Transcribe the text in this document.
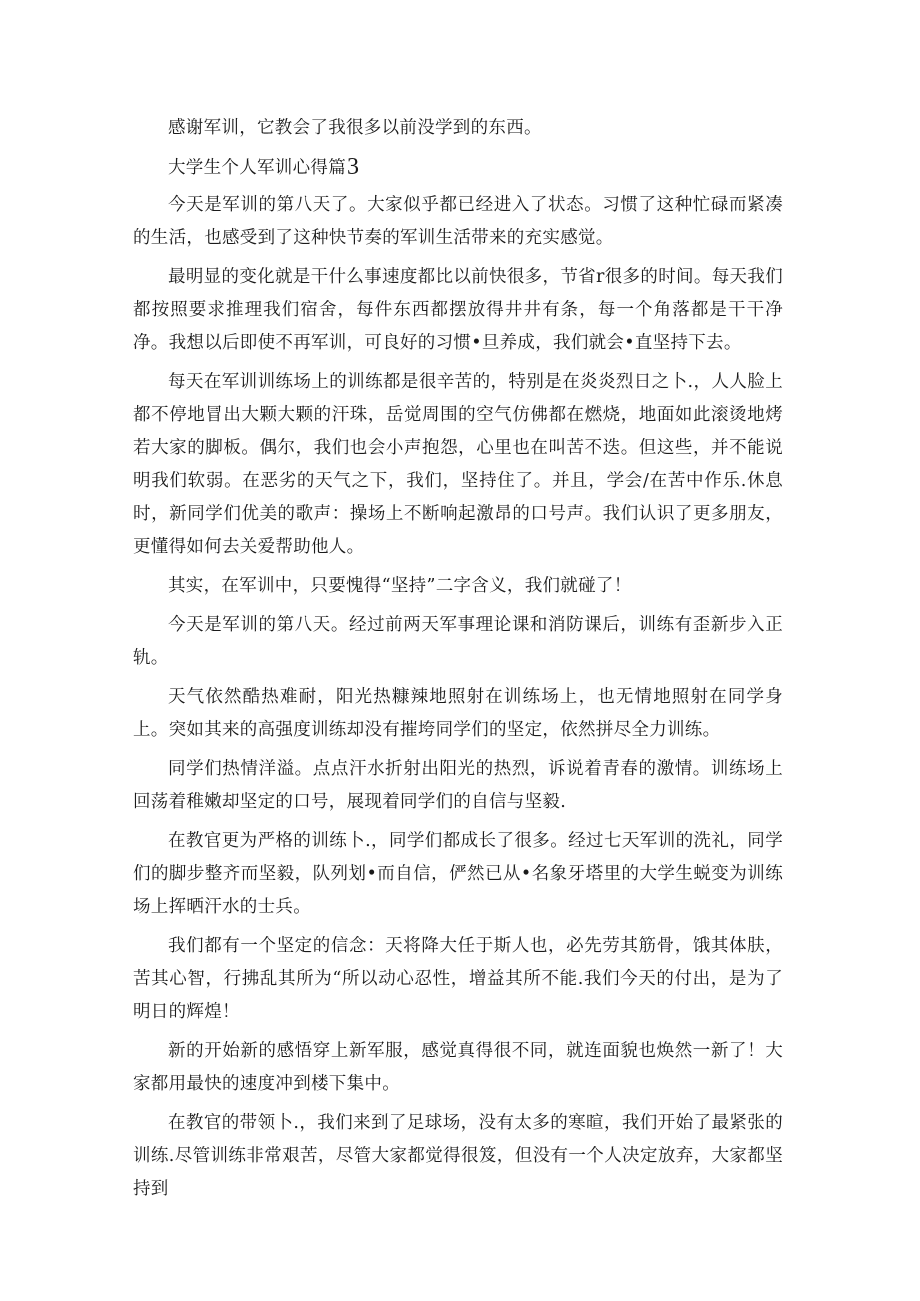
感谢军训，它教会了我很多以前没学到的东西。

大学生个人军训心得篇3

今天是军训的第八天了。大家似乎都已经进入了状态。习惯了这种忙碌而紧凑的生活，也感受到了这种快节奏的军训生活带来的充实感觉。

最明显的变化就是干什么事速度都比以前快很多，节省r很多的时间。每天我们都按照要求推理我们宿舍，每件东西都摆放得井井有条，每一个角落都是干干净净。我想以后即使不再军训，可良好的习惯•旦养成，我们就会•直坚持下去。

每天在军训训练场上的训练都是很辛苦的，特别是在炎炎烈日之卜.，人人脸上都不停地冒出大颗大颗的汗珠，岳觉周围的空气仿佛都在燃烧，地面如此滚烫地烤若大家的脚板。偶尔，我们也会小声抱怨，心里也在叫苦不迭。但这些，并不能说明我们软弱。在恶劣的天气之下，我们，坚持住了。并且，学会/在苦中作乐.休息时，新同学们优美的歌声：操场上不断响起激昂的口号声。我们认识了更多朋友，更懂得如何去关爱帮助他人。

其实，在军训中，只要愧得“坚持”二字含义，我们就碰了！

今天是军训的第八天。经过前两天军事理论课和消防课后，训练有歪新步入正轨。

天气依然酷热难耐，阳光热糠辣地照射在训练场上，也无情地照射在同学身上。突如其来的高强度训练却没有摧垮同学们的坚定，依然拼尽全力训练。

同学们热情洋溢。点点汗水折射出阳光的热烈，诉说着青春的激情。训练场上回荡着稚嫩却坚定的口号，展现着同学们的自信与坚毅.

在教官更为严格的训练卜.，同学们都成长了很多。经过七天军训的洗礼，同学们的脚步整齐而坚毅，队列划•而自信，俨然已从•名象牙塔里的大学生蜕变为训练场上挥晒汗水的士兵。

我们都有一个坚定的信念：天将降大任于斯人也，必先劳其筋骨，饿其体肤，苦其心智，行拂乱其所为“所以动心忍性，增益其所不能.我们今天的付出，是为了明日的辉煌！

新的开始新的感悟穿上新军服，感觉真得很不同，就连面貌也焕然一新了！大家都用最快的速度冲到楼下集中。

在教官的带领卜.，我们来到了足球场，没有太多的寒暄，我们开始了最紧张的训练.尽管训练非常艰苦，尽管大家都觉得很笈，但没有一个人决定放弃，大家都坚持到
